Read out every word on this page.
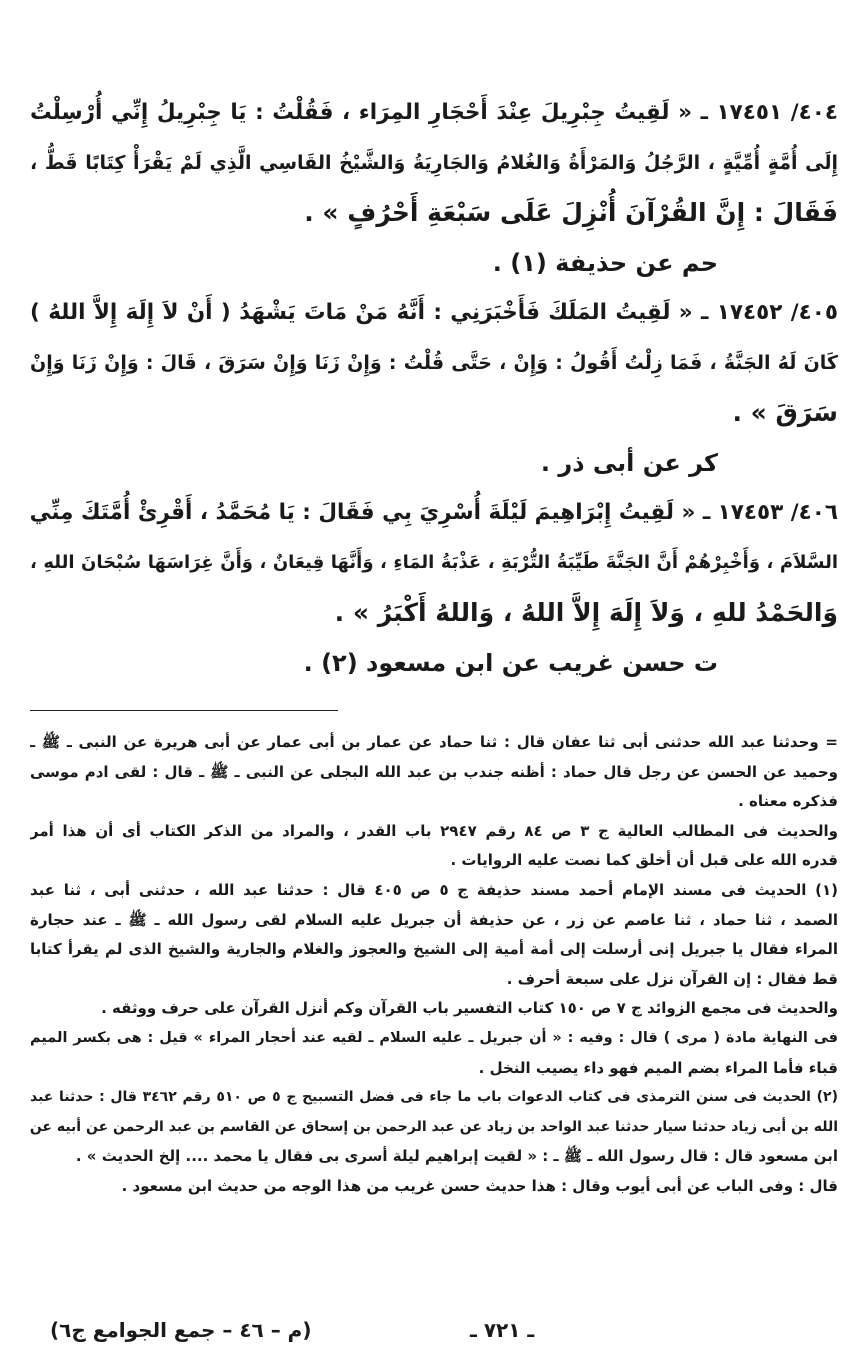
٤٠٤/ ١٧٤٥١ ـ « لَقِيتُ جِبْرِيلَ عِنْدَ أَحْجَارِ المِرَاء ، فَقُلْتُ : يَا جِبْرِيلُ إِنِّي أُرْسِلْتُ
إِلَى أُمَّةٍ أُمِّيَّةٍ ، الرَّجُلُ وَالمَرْأَةُ وَالغُلامُ وَالجَارِيَةُ وَالشَّيْخُ القَاسِي الَّذِي لَمْ يَقْرَأْ كِتَابًا قَطُّ ،
فَقَالَ : إِنَّ القُرْآنَ أُنْزِلَ عَلَى سَبْعَةِ أَحْرُفٍ » .
حم عن حذيفة (١) .
٤٠٥/ ١٧٤٥٢ ـ « لَقِيتُ المَلَكَ فَأَخْبَرَنِي : أَنَّهُ مَنْ مَاتَ يَشْهَدُ ( أَنْ لاَ إِلَهَ إِلاَّ اللهُ )
كَانَ لَهُ الجَنَّةُ ، فَمَا زِلْتُ أَقُولُ : وَإِنْ ، حَتَّى قُلْتُ : وَإِنْ زَنَا وَإِنْ سَرَقَ ، قَالَ : وَإِنْ زَنَا وَإِنْ
سَرَقَ » .
كر عن أبى ذر .
٤٠٦/ ١٧٤٥٣ ـ « لَقِيتُ إِبْرَاهِيمَ لَيْلَةَ أُسْرِيَ بِي فَقَالَ : يَا مُحَمَّدُ ، أَقْرِئْ أُمَّتَكَ مِنِّي
السَّلاَمَ ، وَأَخْبِرْهُمْ أَنَّ الجَنَّةَ طَيِّبَةُ التُّرْبَةِ ، عَذْبَةُ المَاءِ ، وَأَنَّهَا قِيعَانٌ ، وَأَنَّ غِرَاسَهَا سُبْحَانَ اللهِ ،
وَالحَمْدُ للهِ ، وَلاَ إِلَهَ إِلاَّ اللهُ ، وَاللهُ أَكْبَرُ » .
ت حسن غريب عن ابن مسعود (٢) .
= وحدثنا عبد الله حدثنى أبى ثنا عفان قال : ثنا حماد عن عمار بن أبى عمار عن أبى هريرة عن النبى ـ ﷺ ـ
وحميد عن الحسن عن رجل قال حماد : أظنه جندب بن عبد الله البجلى عن النبى ـ ﷺ ـ قال : لقى ادم موسى
فذكره معناه .
والحديث فى المطالب العالية ج ٣ ص ٨٤ رقم ٢٩٤٧ باب القدر ، والمراد من الذكر الكتاب أى أن هذا أمر
قدره الله على قبل أن أخلق كما نصت عليه الروايات .
(١) الحديث فى مسند الإمام أحمد مسند حذيفة ج ٥ ص ٤٠٥ قال : حدثنا عبد الله ، حدثنى أبى ، ثنا عبد
الصمد ، ثنا حماد ، ثنا عاصم عن زر ، عن حذيفة أن جبريل عليه السلام لقى رسول الله ـ ﷺ ـ عند حجارة
المراء فقال يا جبريل إنى أرسلت إلى أمة أمية إلى الشيخ والعجوز والغلام والجارية والشيخ الذى لم يقرأ كتابا
قط فقال : إن القرآن نزل على سبعة أحرف .
والحديث فى مجمع الزوائد ج ٧ ص ١٥٠ كتاب التفسير باب القرآن وكم أنزل القرآن على حرف ووثقه .
فى النهاية مادة ( مرى ) قال : وفيه : « أن جبريل ـ عليه السلام ـ لقيه عند أحجار المراء » قيل : هى بكسر الميم
قباء فأما المراء بضم الميم فهو داء يصيب النخل .
(٢) الحديث فى سنن الترمذى فى كتاب الدعوات باب ما جاء فى فضل التسبيح ج ٥ ص ٥١٠ رقم ٣٤٦٢ قال : حدثنا عبد
الله بن أبى زياد حدثنا سيار حدثنا عبد الواحد بن زياد عن عبد الرحمن بن إسحاق عن القاسم بن عبد الرحمن عن أبيه عن
ابن مسعود قال : قال رسول الله ـ ﷺ ـ : « لقيت إبراهيم ليلة أسرى بى فقال يا محمد .... إلخ الحديث » .
قال : وفى الباب عن أبى أيوب وقال : هذا حديث حسن غريب من هذا الوجه من حديث ابن مسعود .
ـ ٧٢١ ـ
(م – ٤٦ – جمع الجوامع ج٦)
